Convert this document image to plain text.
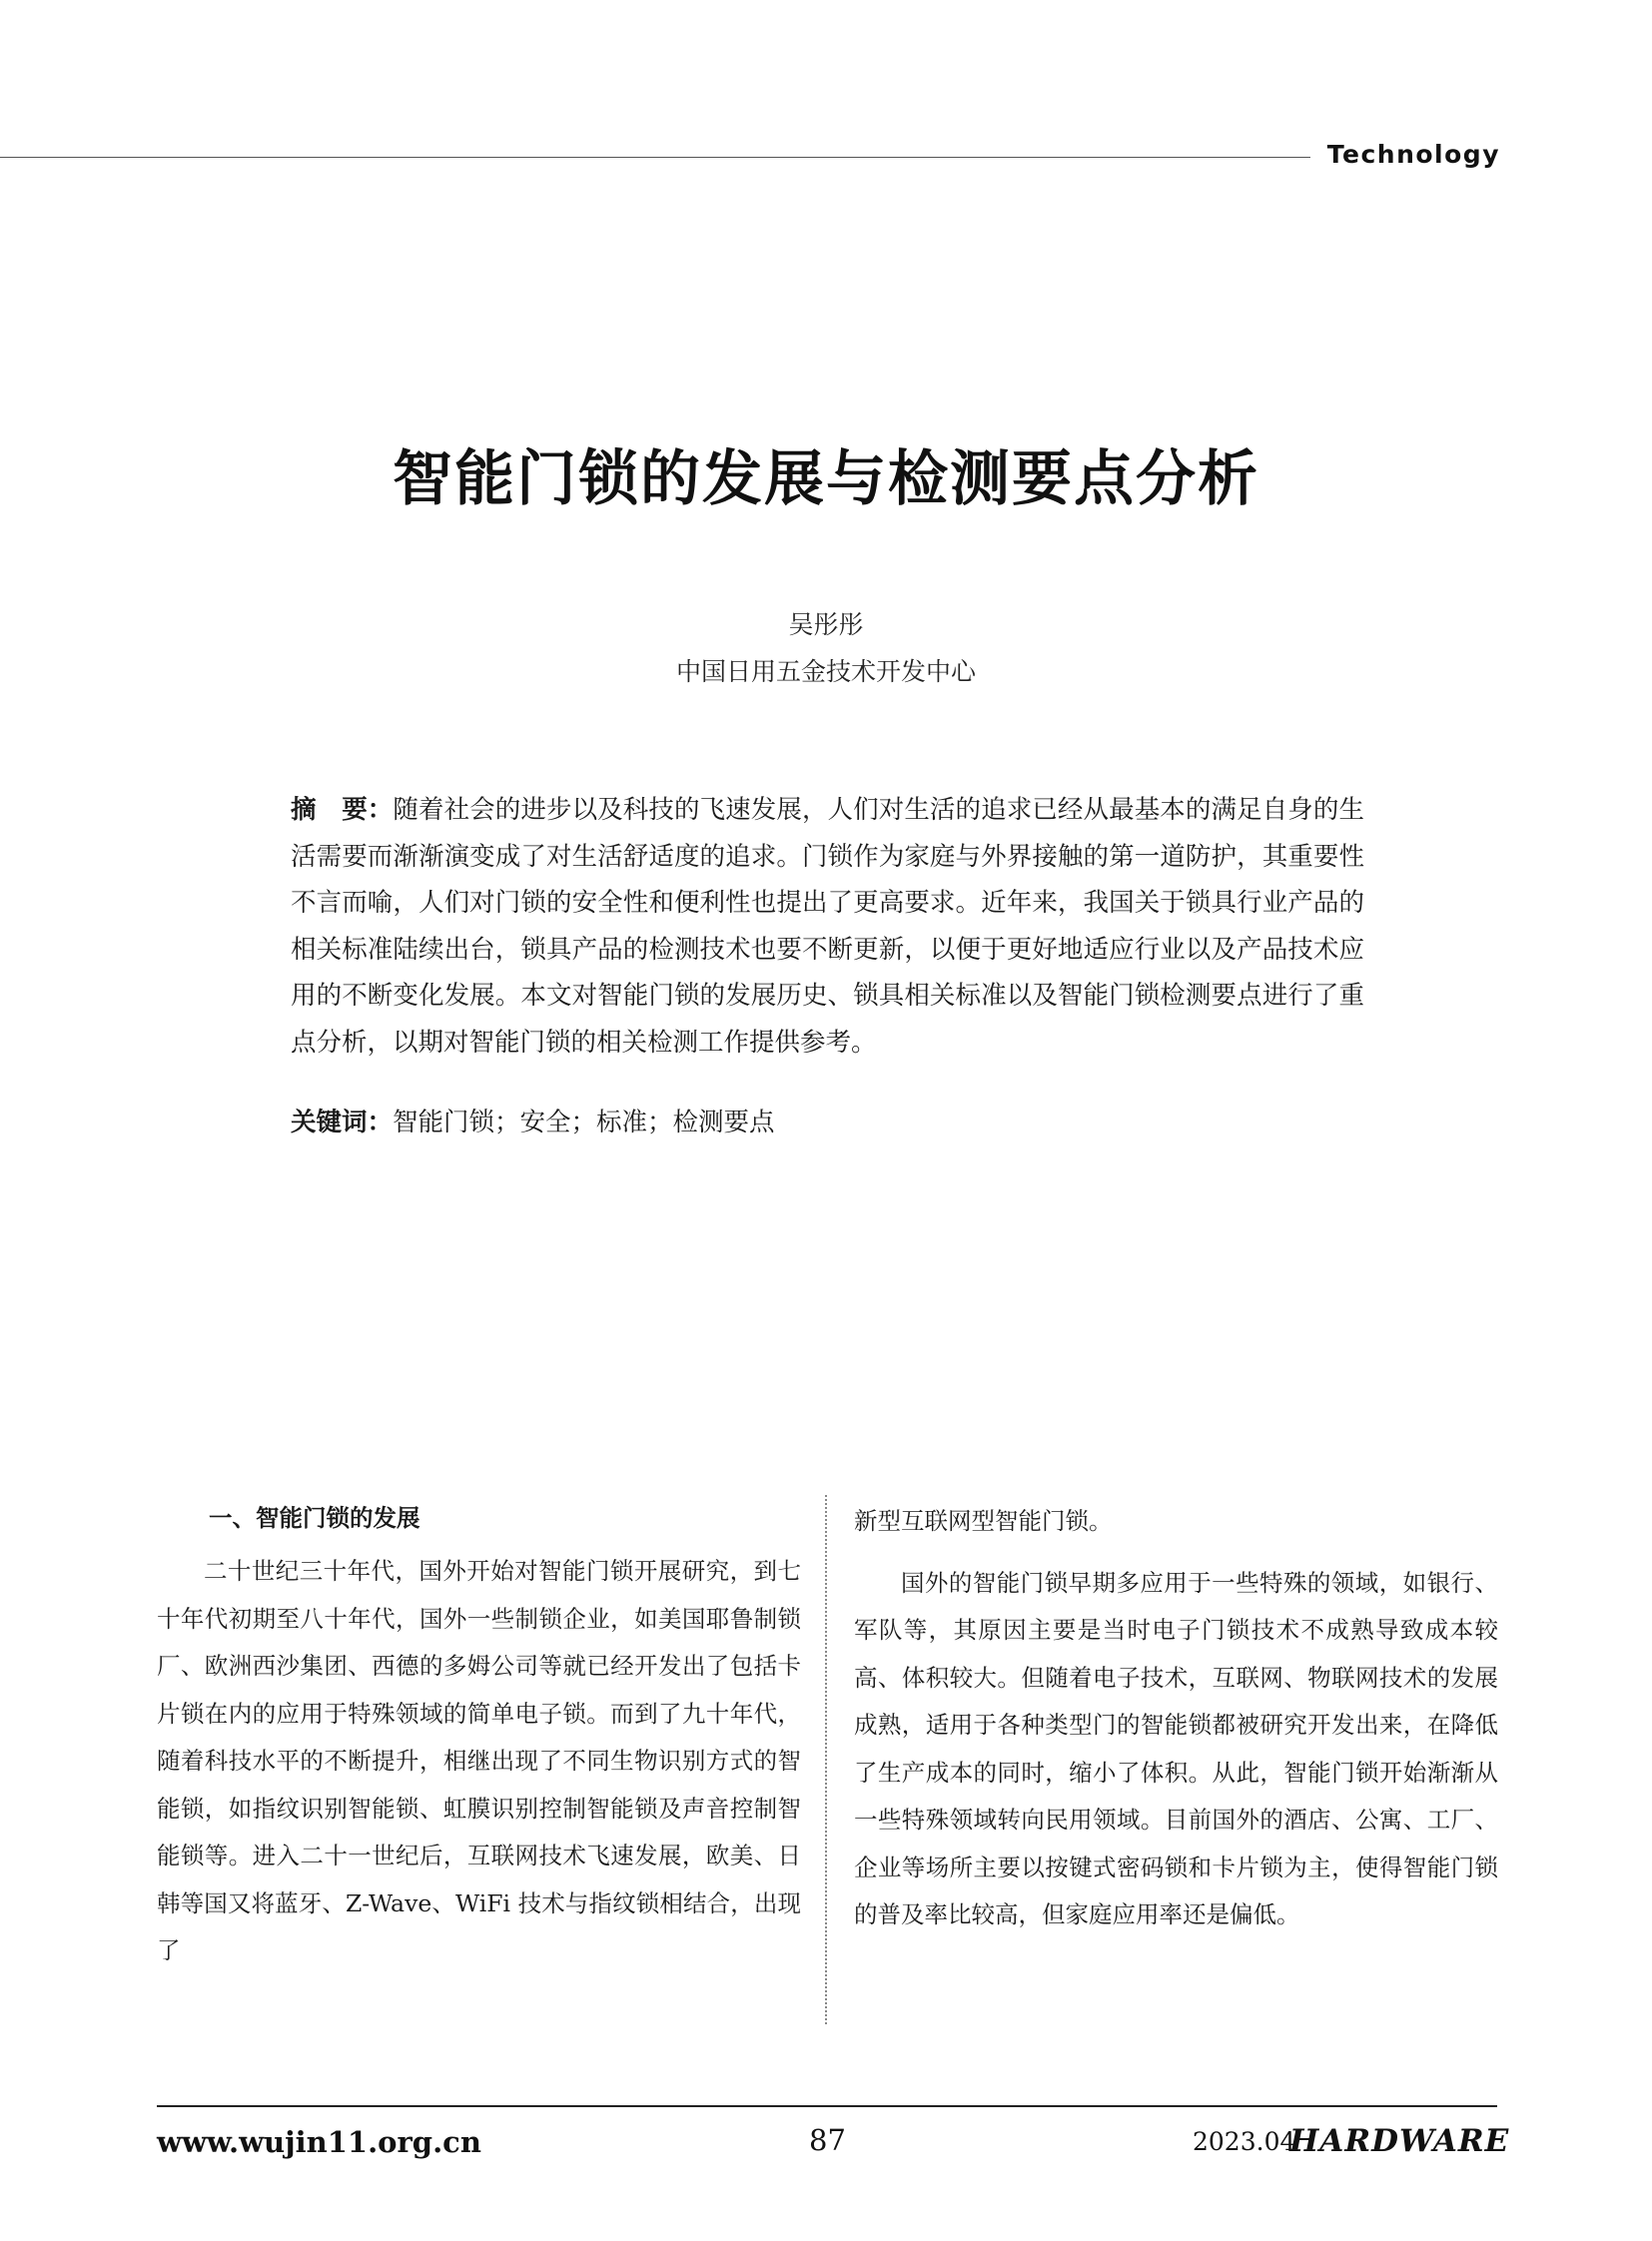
Technology
智能门锁的发展与检测要点分析
吴彤彤
中国日用五金技术开发中心
摘　要：随着社会的进步以及科技的飞速发展，人们对生活的追求已经从最基本的满足自身的生活需要而渐渐演变成了对生活舒适度的追求。门锁作为家庭与外界接触的第一道防护，其重要性不言而喻，人们对门锁的安全性和便利性也提出了更高要求。近年来，我国关于锁具行业产品的相关标准陆续出台，锁具产品的检测技术也要不断更新，以便于更好地适应行业以及产品技术应用的不断变化发展。本文对智能门锁的发展历史、锁具相关标准以及智能门锁检测要点进行了重点分析，以期对智能门锁的相关检测工作提供参考。
关键词：智能门锁；安全；标准；检测要点
一、智能门锁的发展

二十世纪三十年代，国外开始对智能门锁开展研究，到七十年代初期至八十年代，国外一些制锁企业，如美国耶鲁制锁厂、欧洲西沙集团、西德的多姆公司等就已经开发出了包括卡片锁在内的应用于特殊领域的简单电子锁。而到了九十年代，随着科技水平的不断提升，相继出现了不同生物识别方式的智能锁，如指纹识别智能锁、虹膜识别控制智能锁及声音控制智能锁等。进入二十一世纪后，互联网技术飞速发展，欧美、日韩等国又将蓝牙、Z-Wave、WiFi 技术与指纹锁相结合，出现了

新型互联网型智能门锁。

国外的智能门锁早期多应用于一些特殊的领域，如银行、军队等，其原因主要是当时电子门锁技术不成熟导致成本较高、体积较大。但随着电子技术，互联网、物联网技术的发展成熟，适用于各种类型门的智能锁都被研究开发出来，在降低了生产成本的同时，缩小了体积。从此，智能门锁开始渐渐从一些特殊领域转向民用领域。目前国外的酒店、公寓、工厂、企业等场所主要以按键式密码锁和卡片锁为主，使得智能门锁的普及率比较高，但家庭应用率还是偏低。

www.wujin11.org.cn	87	2023.04
HARDWARE
